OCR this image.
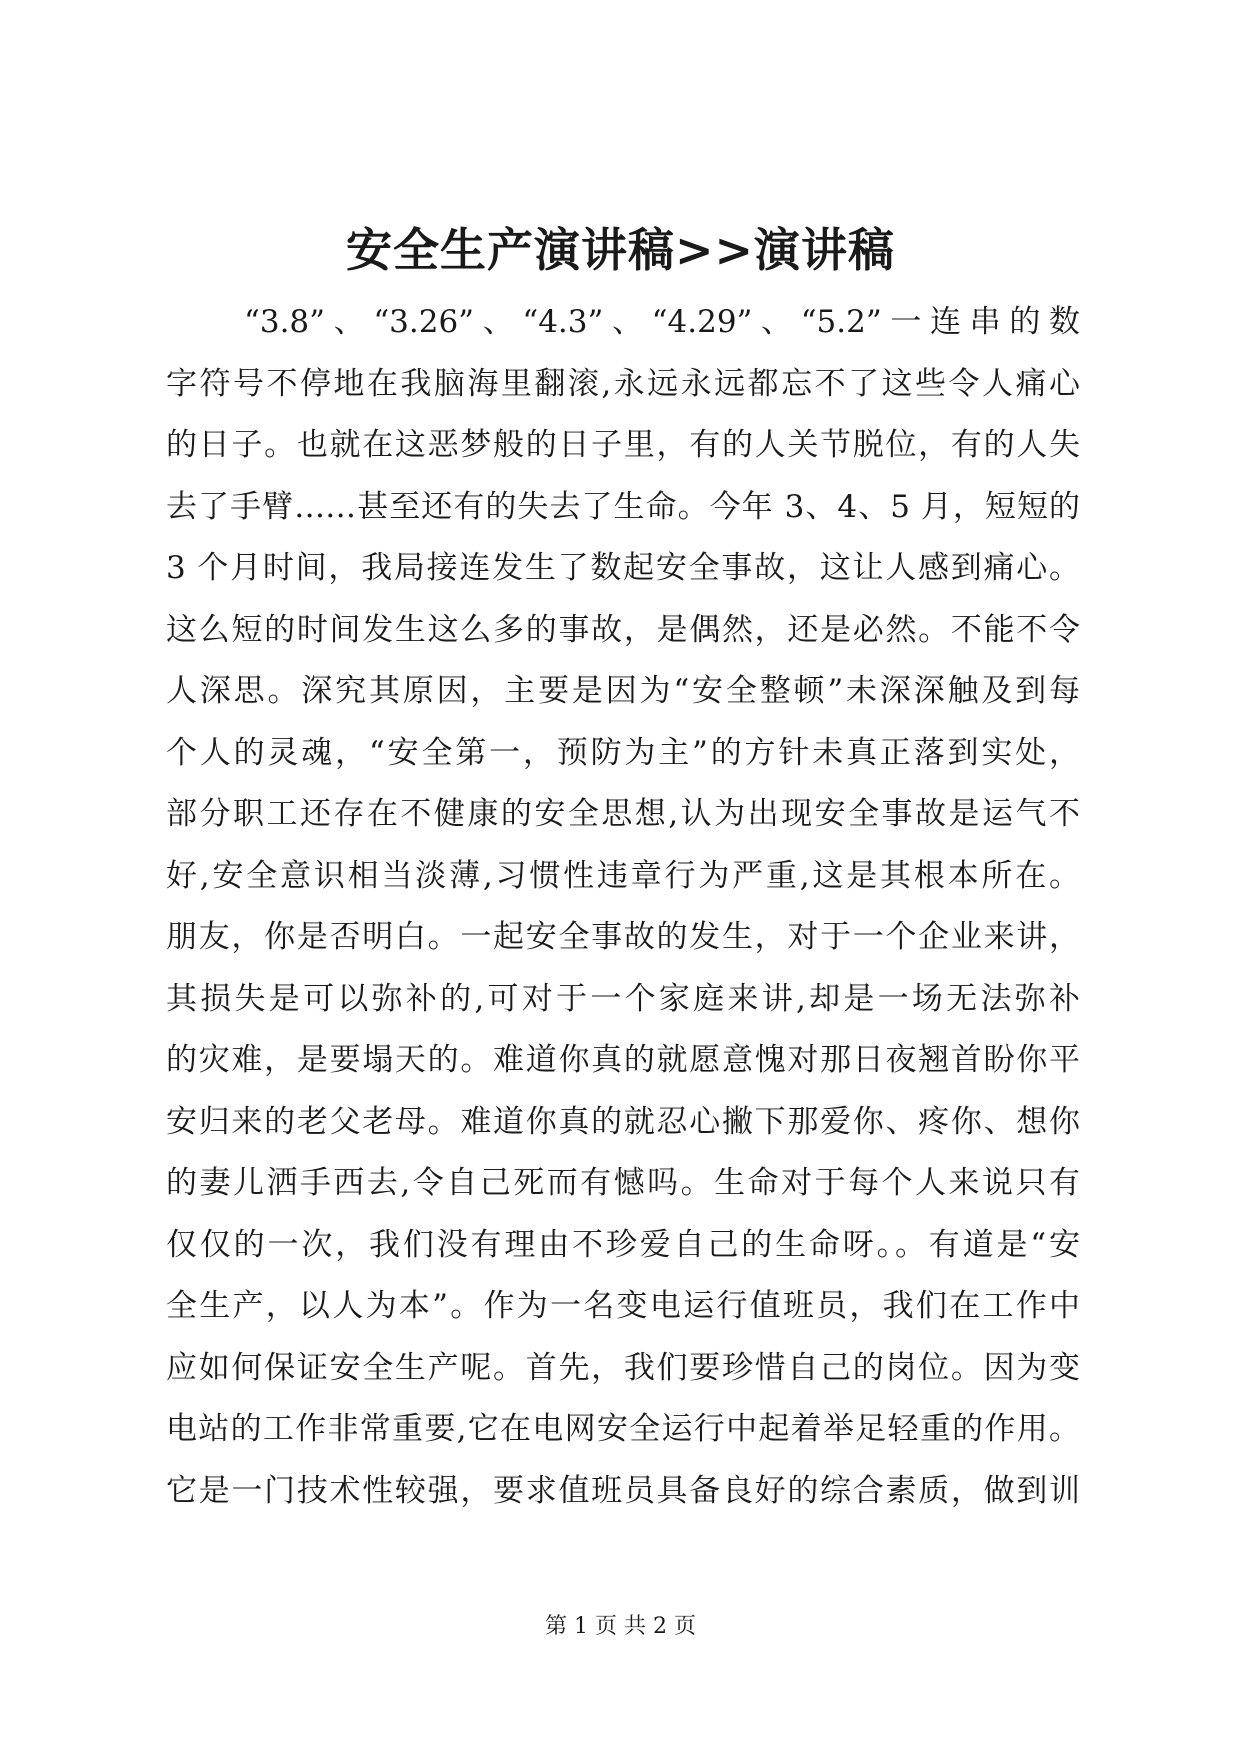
安全生产演讲稿>>演讲稿
“3.8”、“3.26”、“4.3”、“4.29”、“5.2”一连串的数
字符号不停地在我脑海里翻滚,永远永远都忘不了这些令人痛心
的日子。也就在这恶梦般的日子里，有的人关节脱位，有的人失
去了手臂……甚至还有的失去了生命。今年 3、4、5 月，短短的
3 个月时间，我局接连发生了数起安全事故，这让人感到痛心。
这么短的时间发生这么多的事故，是偶然，还是必然。不能不令
人深思。深究其原因，主要是因为“安全整顿”未深深触及到每
个人的灵魂，“安全第一，预防为主”的方针未真正落到实处，
部分职工还存在不健康的安全思想,认为出现安全事故是运气不
好,安全意识相当淡薄,习惯性违章行为严重,这是其根本所在。
朋友，你是否明白。一起安全事故的发生，对于一个企业来讲，
其损失是可以弥补的,可对于一个家庭来讲,却是一场无法弥补
的灾难，是要塌天的。难道你真的就愿意愧对那日夜翘首盼你平
安归来的老父老母。难道你真的就忍心撇下那爱你、疼你、想你
的妻儿洒手西去,令自己死而有憾吗。生命对于每个人来说只有
仅仅的一次，我们没有理由不珍爱自己的生命呀。。有道是“安
全生产，以人为本”。作为一名变电运行值班员，我们在工作中
应如何保证安全生产呢。首先，我们要珍惜自己的岗位。因为变
电站的工作非常重要,它在电网安全运行中起着举足轻重的作用。
它是一门技术性较强，要求值班员具备良好的综合素质，做到训
第 1 页 共 2 页
